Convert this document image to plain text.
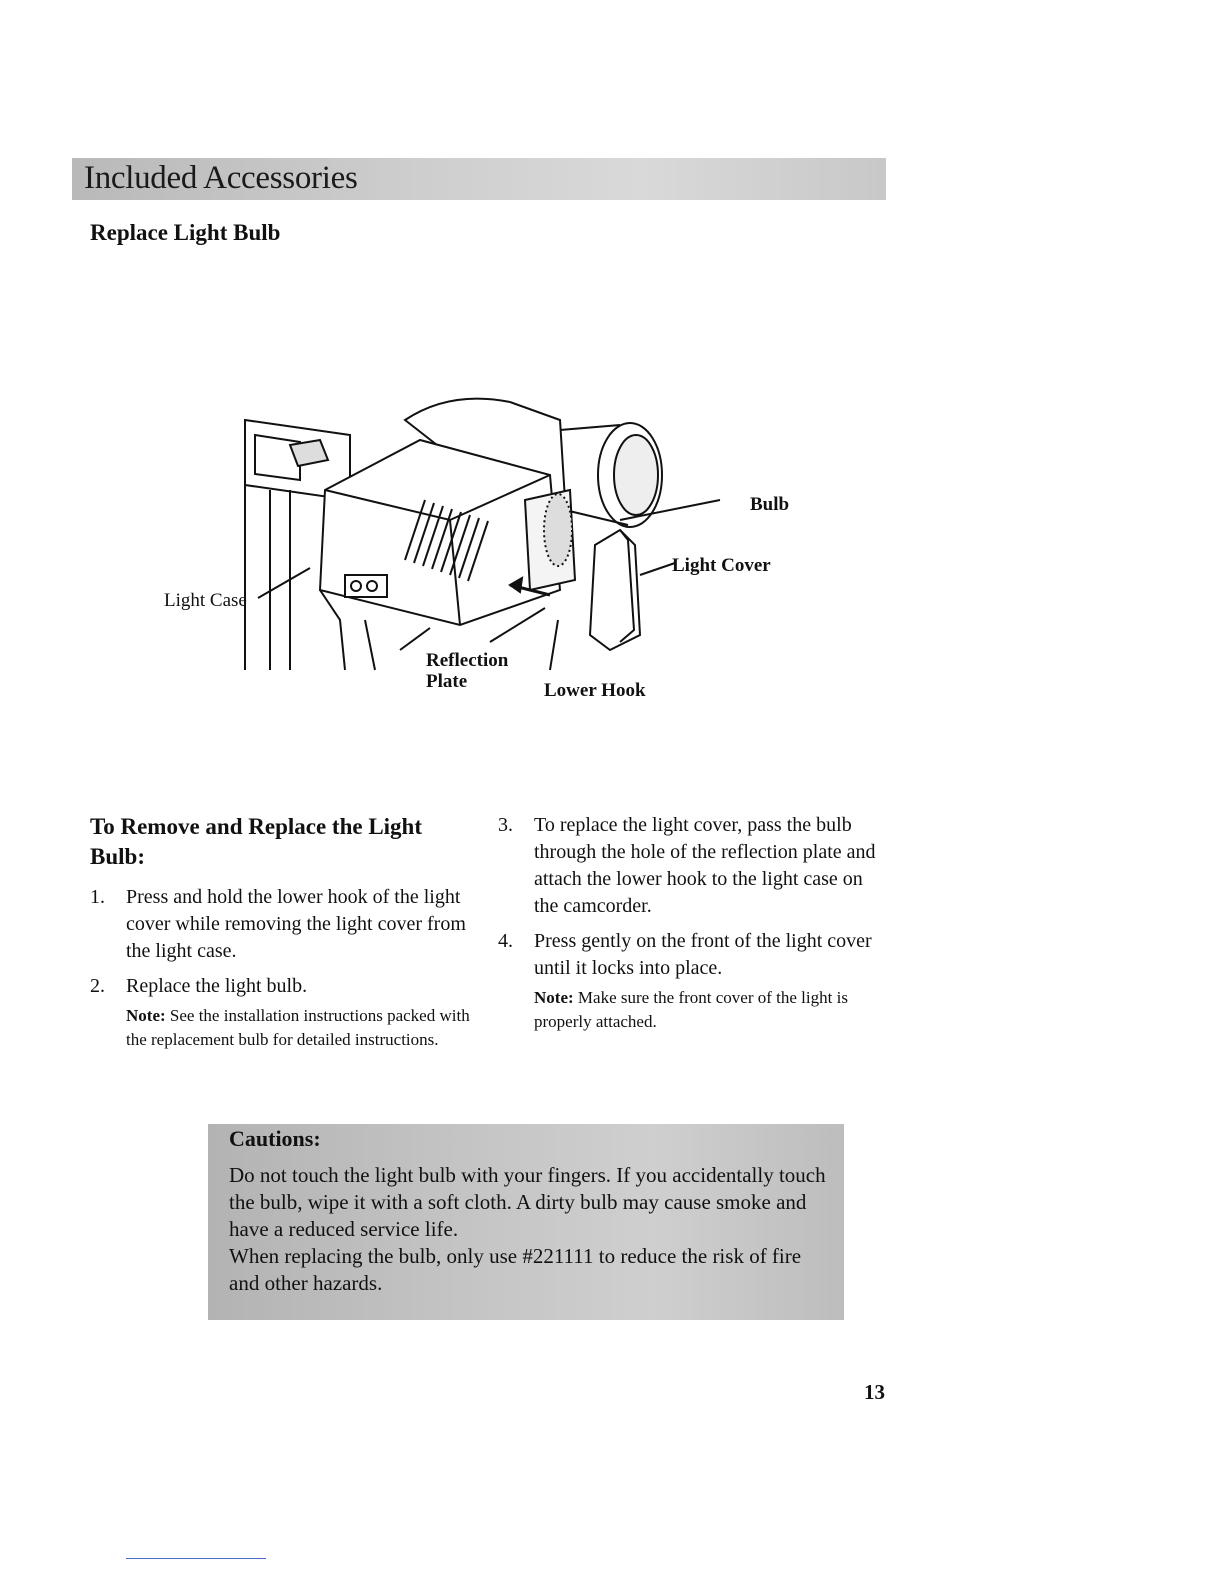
Included Accessories
Replace Light Bulb
Bulb
Light Cover
Light Case
Reflection
Plate	Lower Hook
To Remove and Replace the Light Bulb:
1. Press and hold the lower hook of the light cover while removing the light cover from the light case.
2. Replace the light bulb.

Note: See the installation instructions packed with the replacement bulb for detailed instructions.

3. To replace the light cover, pass the bulb through the hole of the reflection plate and attach the lower hook to the light case on the camcorder.
4. Press gently on the front of the light cover until it locks into place.

Note: Make sure the front cover of the light is properly attached.

Cautions:

Do not touch the light bulb with your fingers. If you accidentally touch the bulb, wipe it with a soft cloth. A dirty bulb may cause smoke and have a reduced service life.

When replacing the bulb, only use #221111 to reduce the risk of fire and other hazards.

13
